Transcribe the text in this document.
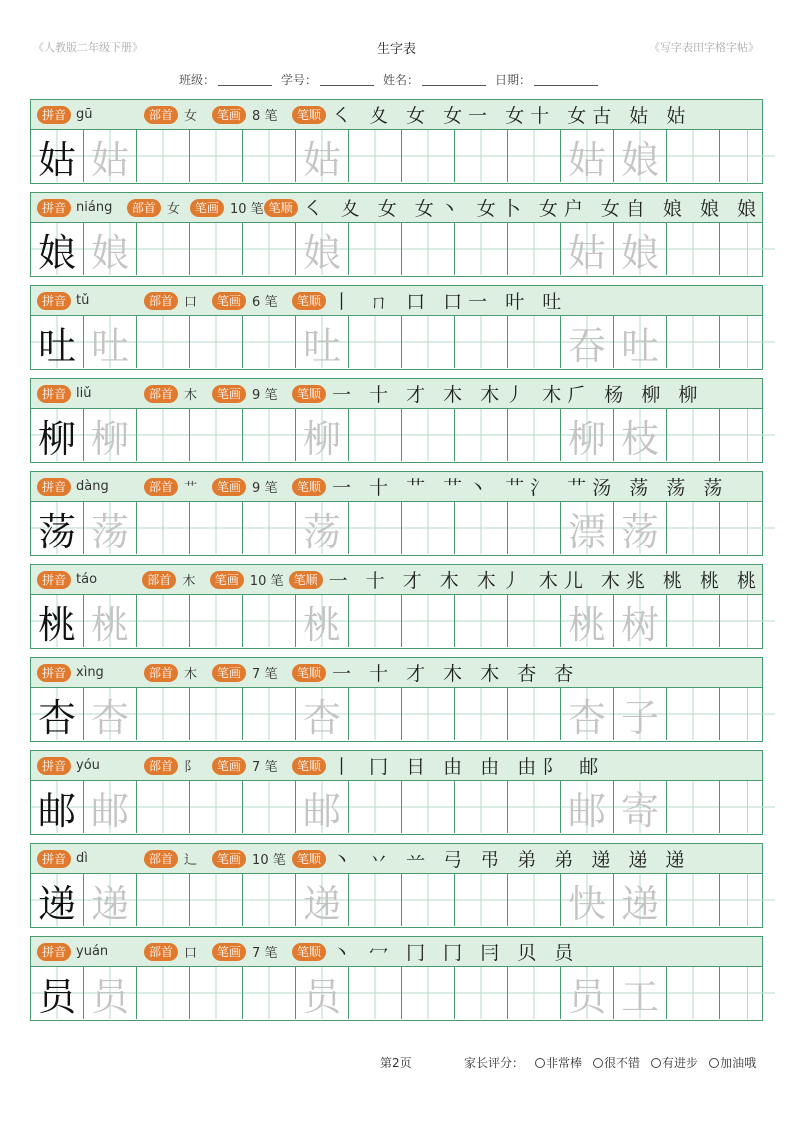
《人教版二年级下册》	生字表	《写字表田字格字帖》
班级：	学号：	姓名：	日期：
拼音 gū	部首 女	笔画 8 笔	笔顺 ㇛ 夊 女 女一 女十 女古 姑 姑
姑 姑	姑	姑 娘
拼音 niáng	部首 女	笔画 10 笔 笔顺 ㇛ 夊 女 女丶 女卜 女户 女自 娘 娘 娘
娘 娘	娘	姑 娘
拼音 tǔ	部首 口	笔画 6 笔	笔顺 丨 ㄇ 口 口一 叶 吐
吐 吐	吐	吞 吐
拼音 liǔ	部首 木	笔画 9 笔	笔顺 一 十 才 木 木丿 木𠂆 杨 柳 柳
柳 柳	柳	柳 枝
拼音 dàng	部首 艹	笔画 9 笔	笔顺 一 十 艹 艹丶 艹氵 艹汤 荡 荡 荡
荡 荡	荡	漂 荡
拼音 táo	部首 木	笔画 10 笔 笔顺 一 十 才 木 木丿 木儿 木兆 桃 桃 桃
桃 桃	桃	桃 树
拼音 xìng	部首 木	笔画 7 笔	笔顺 一 十 才 木 木 杏 杏
杏 杏	杏	杏 子
拼音 yóu	部首 阝	笔画 7 笔	笔顺 丨 冂 日 由 由 由阝 邮
邮 邮	邮	邮 寄
拼音 dì	部首 辶	笔画 10 笔 笔顺 丶 丷 䒑 弓 弔 弟 弟 递 递 递
递 递	递	快 递
拼音 yuán	部首 口	笔画 7 笔	笔顺 丶 冖 冂 冂 冃 贝 员
员 员	员	员 工
第2页	家长评分： 非常棒 很不错 有进步 加油哦
